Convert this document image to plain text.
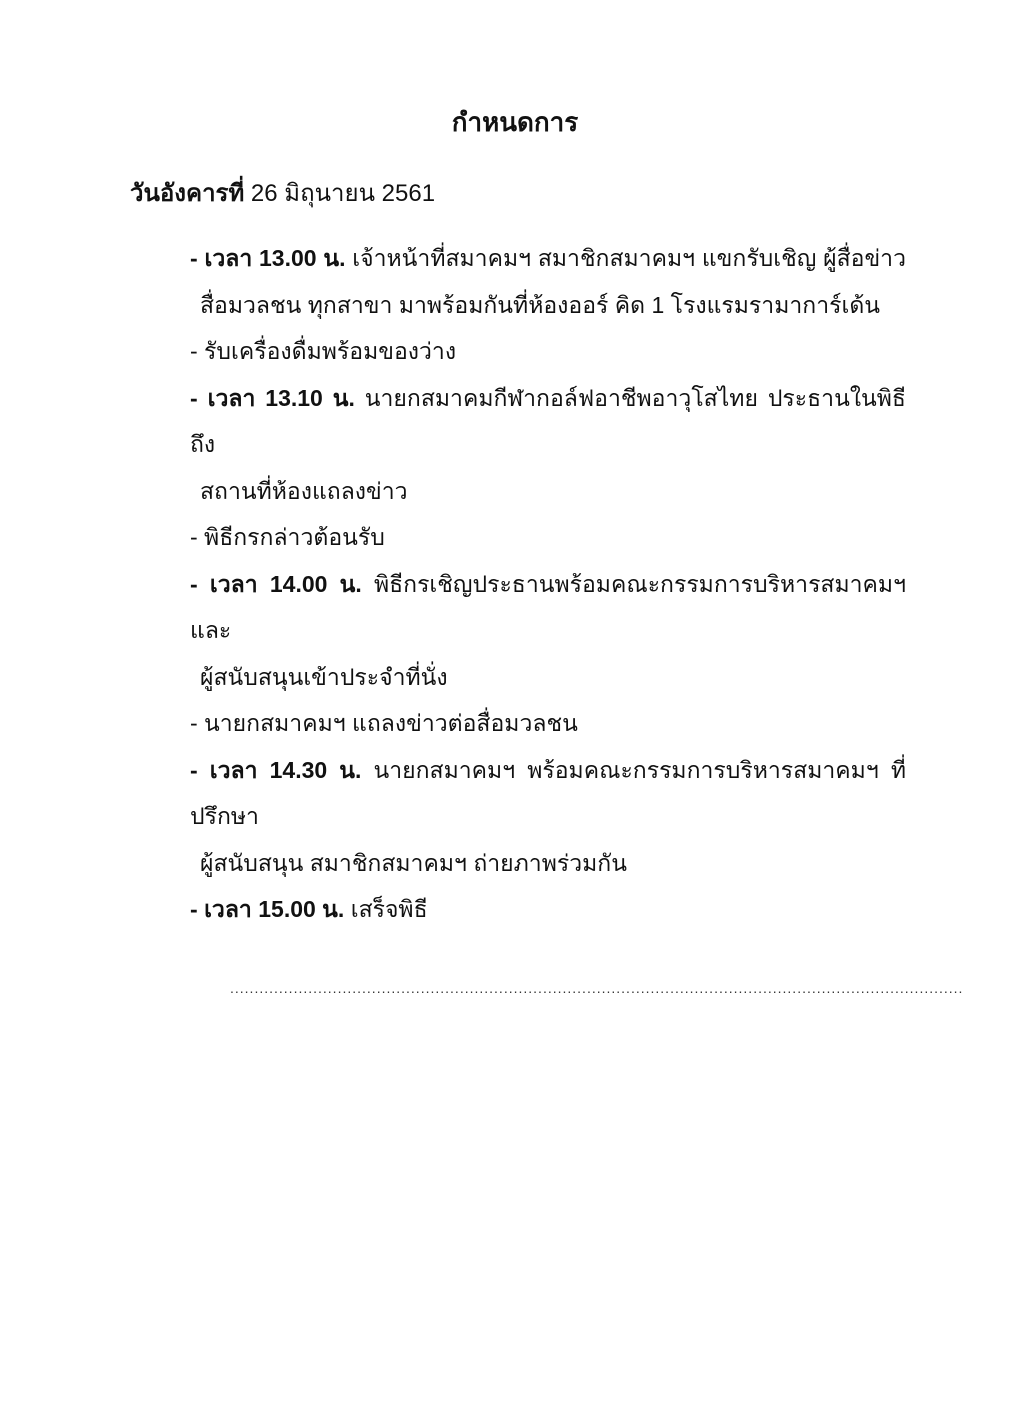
กำหนดการ
วันอังคารที่ 26 มิถุนายน 2561
- เวลา 13.00 น. เจ้าหน้าที่สมาคมฯ สมาชิกสมาคมฯ แขกรับเชิญ ผู้สื่อข่าว
สื่อมวลชน ทุกสาขา มาพร้อมกันที่ห้องออร์ คิด 1 โรงแรมรามาการ์เด้น
- รับเครื่องดื่มพร้อมของว่าง
- เวลา 13.10 น. นายกสมาคมกีฬากอล์ฟอาชีพอาวุโสไทย ประธานในพิธีถึง
สถานที่ห้องแถลงข่าว
- พิธีกรกล่าวต้อนรับ
- เวลา 14.00 น. พิธีกรเชิญประธานพร้อมคณะกรรมการบริหารสมาคมฯ และ
ผู้สนับสนุนเข้าประจำที่นั่ง
- นายกสมาคมฯ แถลงข่าวต่อสื่อมวลชน
- เวลา 14.30 น. นายกสมาคมฯ พร้อมคณะกรรมการบริหารสมาคมฯ ที่ปรึกษา
ผู้สนับสนุน สมาชิกสมาคมฯ ถ่ายภาพร่วมกัน
- เวลา 15.00 น. เสร็จพิธี
......................................................................................................................................................
